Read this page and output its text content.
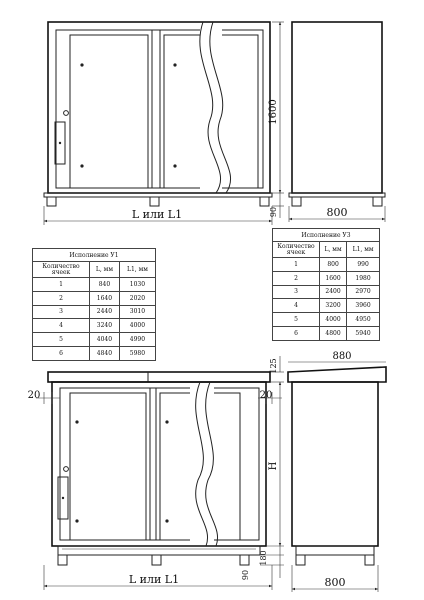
1600
90
L или L1	800
20	20
125
H
180
90
L или L1
880
800
Исполнение У1		
Количество ячеек	L, мм	L1, мм
1	840	1030
2	1640	2020
3	2440	3010
4	3240	4000
5	4040	4990
6	4840	5980
Исполнение У3		
Количество ячеек	L, мм	L1, мм
1	800	990
2	1600	1980
3	2400	2970
4	3200	3960
5	4000	4950
6	4800	5940
